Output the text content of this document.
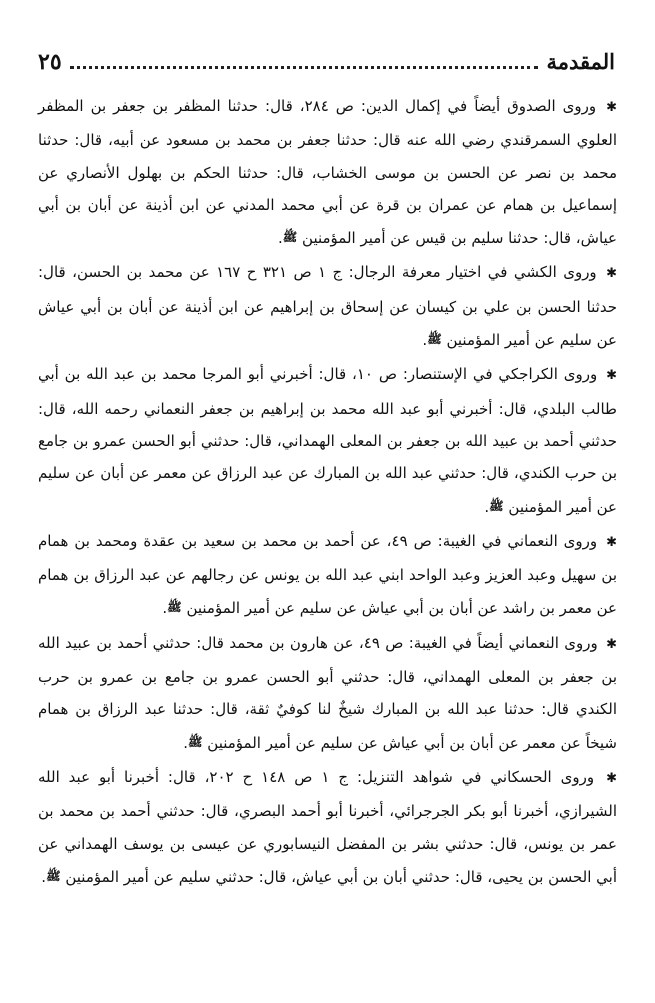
المقدمة
٢٥

✱ وروى الصدوق أيضاً في إكمال الدين: ص ٢٨٤، قال: حدثنا المظفر بن جعفر بن المظفر العلوي السمرقندي رضي الله عنه قال: حدثنا جعفر بن محمد بن مسعود عن أبيه، قال: حدثنا محمد بن نصر عن الحسن بن موسى الخشاب، قال: حدثنا الحكم بن بهلول الأنصاري عن إسماعيل بن همام عن عمران بن قرة عن أبي محمد المدني عن ابن أذينة عن أبان بن أبي عياش، قال: حدثنا سليم بن قيس عن أمير المؤمنين ﷺ.

✱ وروى الكشي في اختيار معرفة الرجال: ج ١ ص ٣٢١ ح ١٦٧ عن محمد بن الحسن، قال: حدثنا الحسن بن علي بن كيسان عن إسحاق بن إبراهيم عن ابن أذينة عن أبان بن أبي عياش عن سليم عن أمير المؤمنين ﷺ.

✱ وروى الكراجكي في الإستنصار: ص ١٠، قال: أخبرني أبو المرجا محمد بن عبد الله بن أبي طالب البلدي، قال: أخبرني أبو عبد الله محمد بن إبراهيم بن جعفر النعماني رحمه الله، قال: حدثني أحمد بن عبيد الله بن جعفر بن المعلى الهمداني، قال: حدثني أبو الحسن عمرو بن جامع بن حرب الكندي، قال: حدثني عبد الله بن المبارك عن عبد الرزاق عن معمر عن أبان عن سليم عن أمير المؤمنين ﷺ.

✱ وروى النعماني في الغيبة: ص ٤٩، عن أحمد بن محمد بن سعيد بن عقدة ومحمد بن همام بن سهيل وعبد العزيز وعبد الواحد ابني عبد الله بن يونس عن رجالهم عن عبد الرزاق بن همام عن معمر بن راشد عن أبان بن أبي عياش عن سليم عن أمير المؤمنين ﷺ.

✱ وروى النعماني أيضاً في الغيبة: ص ٤٩، عن هارون بن محمد قال: حدثني أحمد بن عبيد الله بن جعفر بن المعلى الهمداني، قال: حدثني أبو الحسن عمرو بن جامع بن عمرو بن حرب الكندي قال: حدثنا عبد الله بن المبارك شيخٌ لنا كوفيٌ ثقة، قال: حدثنا عبد الرزاق بن همام شيخاً عن معمر عن أبان بن أبي عياش عن سليم عن أمير المؤمنين ﷺ.

✱ وروى الحسكاني في شواهد التنزيل: ج ١ ص ١٤٨ ح ٢٠٢، قال: أخبرنا أبو عبد الله الشيرازي، أخبرنا أبو بكر الجرجرائي، أخبرنا أبو أحمد البصري، قال: حدثني أحمد بن محمد بن عمر بن يونس، قال: حدثني بشر بن المفضل النيسابوري عن عيسى بن يوسف الهمداني عن أبي الحسن بن يحيى، قال: حدثني أبان بن أبي عياش، قال: حدثني سليم عن أمير المؤمنين ﷺ.
